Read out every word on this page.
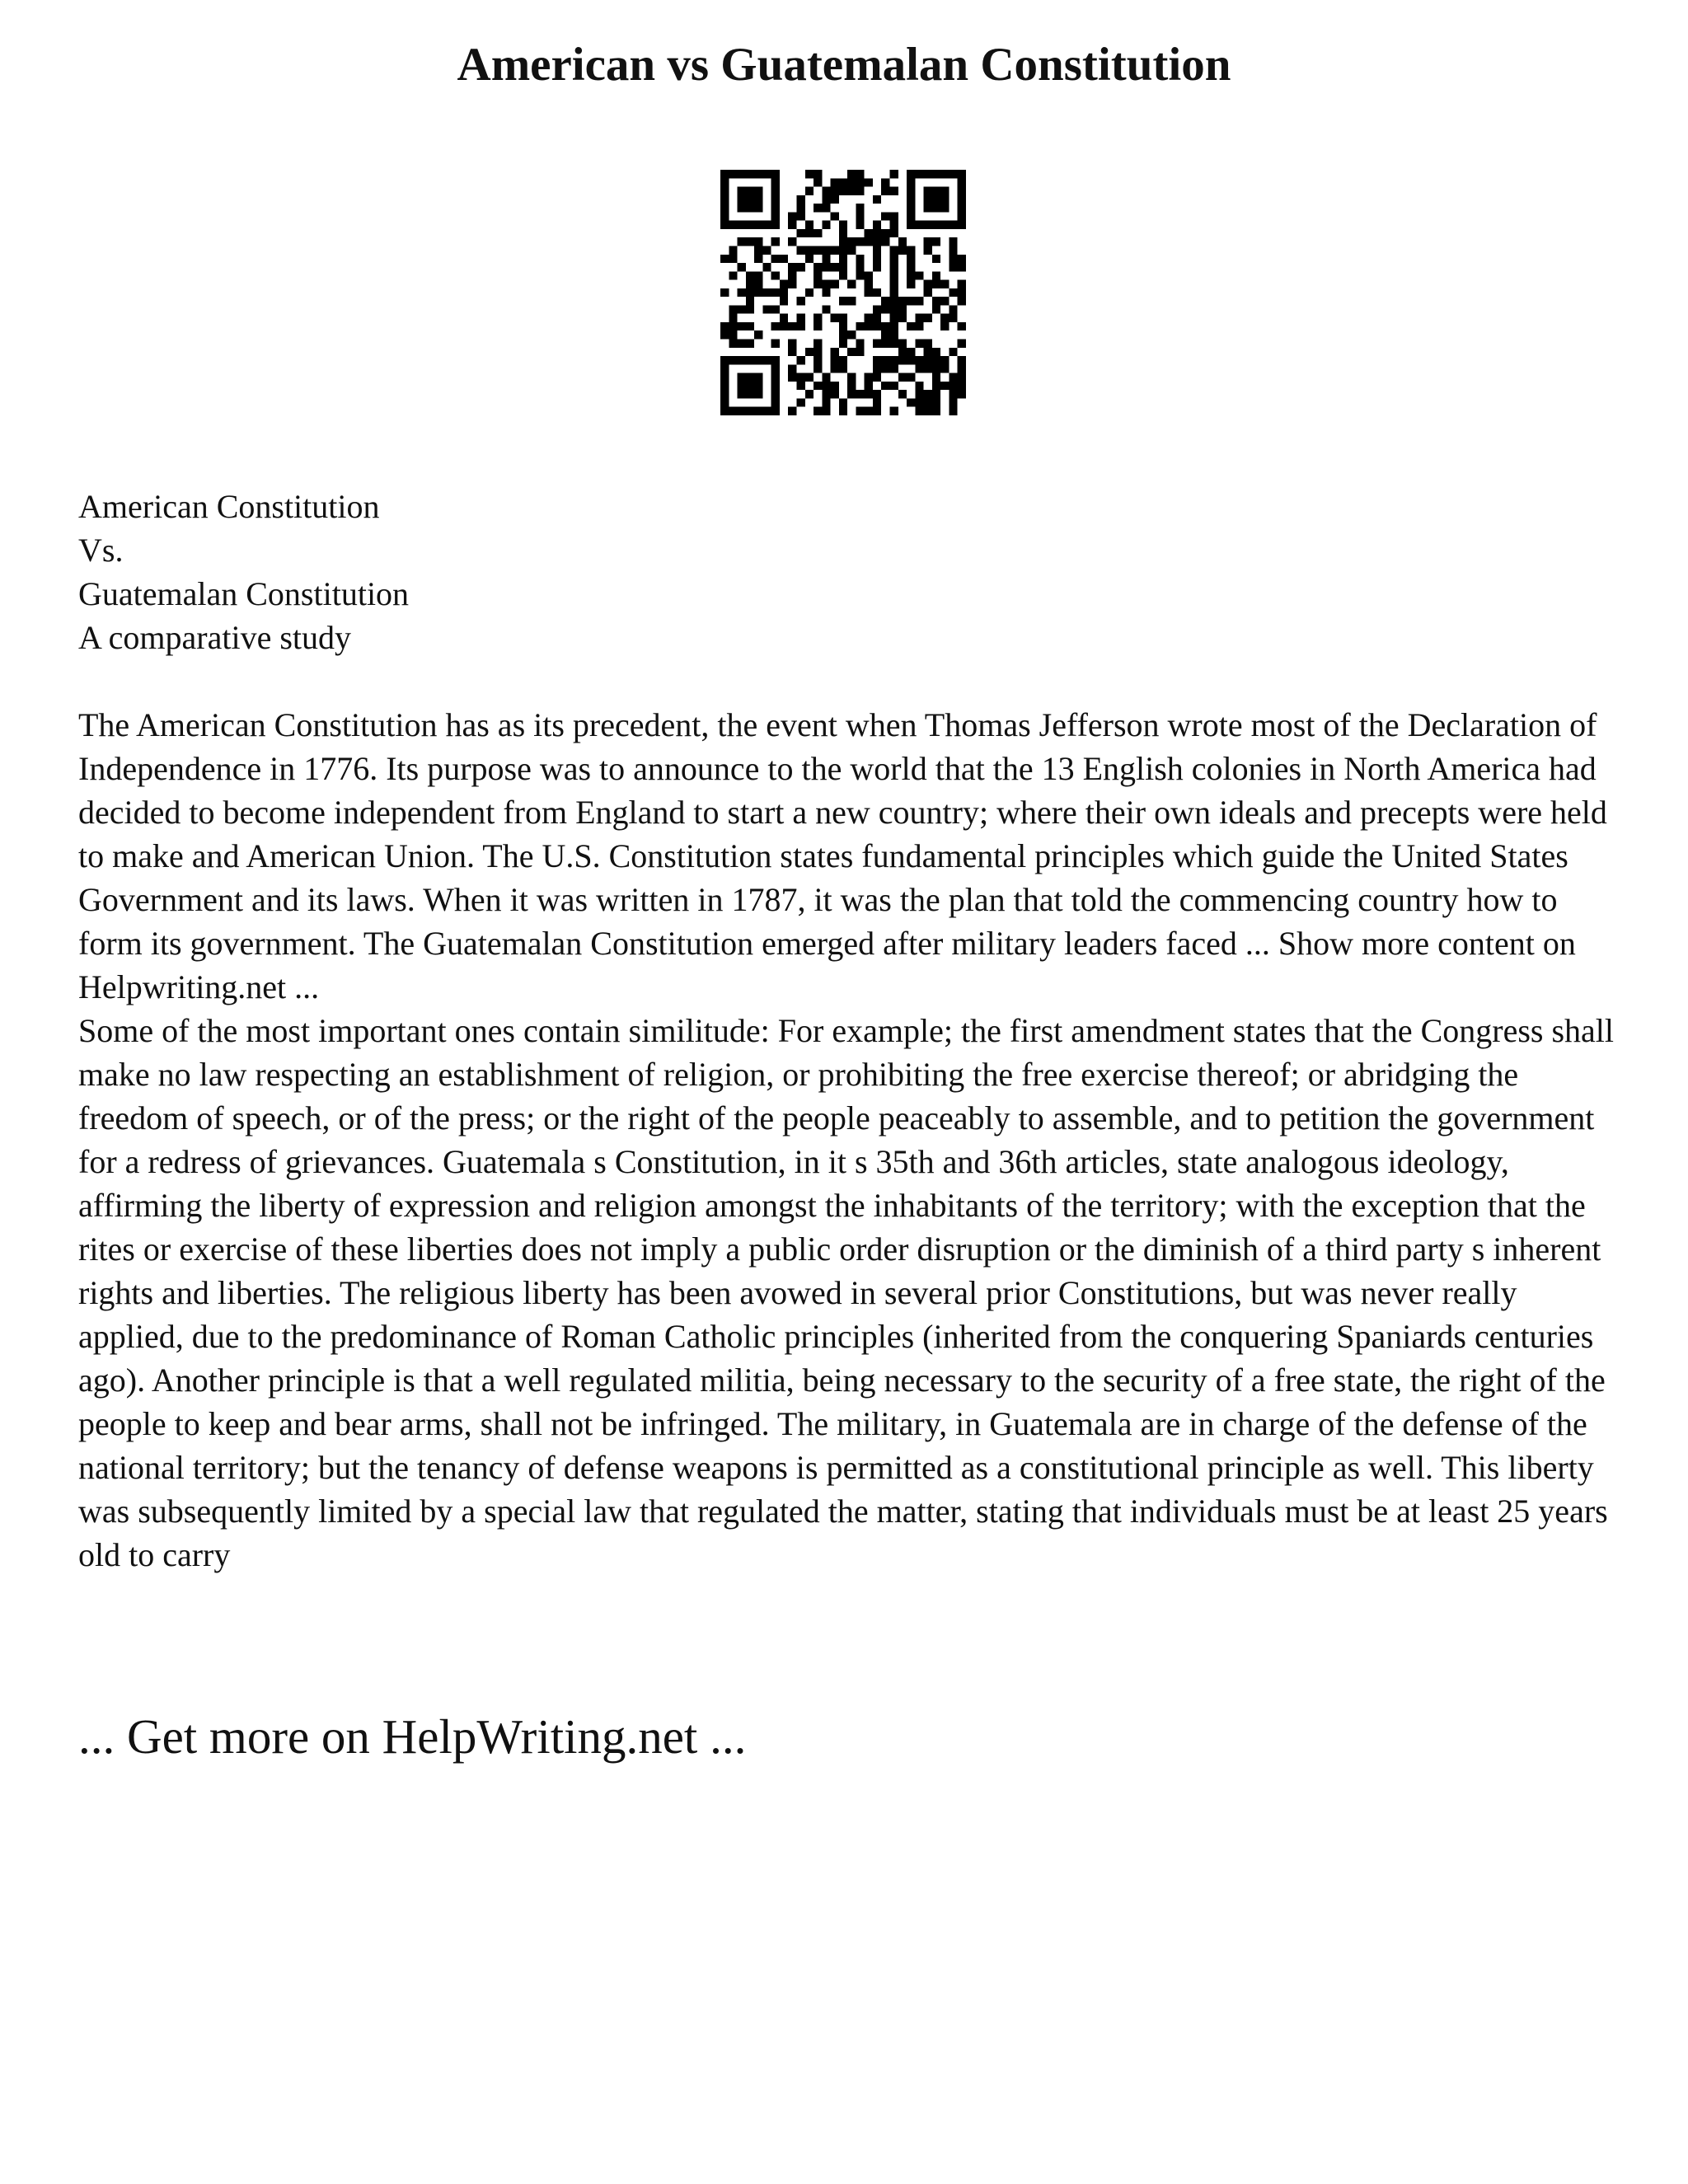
American vs Guatemalan Constitution
American Constitution
Vs.
Guatemalan Constitution
A comparative study

The American Constitution has as its precedent, the event when Thomas Jefferson wrote most of the Declaration of Independence in 1776. Its purpose was to announce to the world that the 13 English colonies in North America had decided to become independent from England to start a new country; where their own ideals and precepts were held to make and American Union. The U.S. Constitution states fundamental principles which guide the United States Government and its laws. When it was written in 1787, it was the plan that told the commencing country how to form its government. The Guatemalan Constitution emerged after military leaders faced ... Show more content on Helpwriting.net ...

Some of the most important ones contain similitude: For example; the first amendment states that the Congress shall make no law respecting an establishment of religion, or prohibiting the free exercise thereof; or abridging the freedom of speech, or of the press; or the right of the people peaceably to assemble, and to petition the government for a redress of grievances. Guatemala s Constitution, in it s 35th and 36th articles, state analogous ideology, affirming the liberty of expression and religion amongst the inhabitants of the territory; with the exception that the rites or exercise of these liberties does not imply a public order disruption or the diminish of a third party s inherent rights and liberties. The religious liberty has been avowed in several prior Constitutions, but was never really applied, due to the predominance of Roman Catholic principles (inherited from the conquering Spaniards centuries ago). Another principle is that a well regulated militia, being necessary to the security of a free state, the right of the people to keep and bear arms, shall not be infringed. The military, in Guatemala are in charge of the defense of the national territory; but the tenancy of defense weapons is permitted as a constitutional principle as well. This liberty was subsequently limited by a special law that regulated the matter, stating that individuals must be at least 25 years old to carry

... Get more on HelpWriting.net ...
